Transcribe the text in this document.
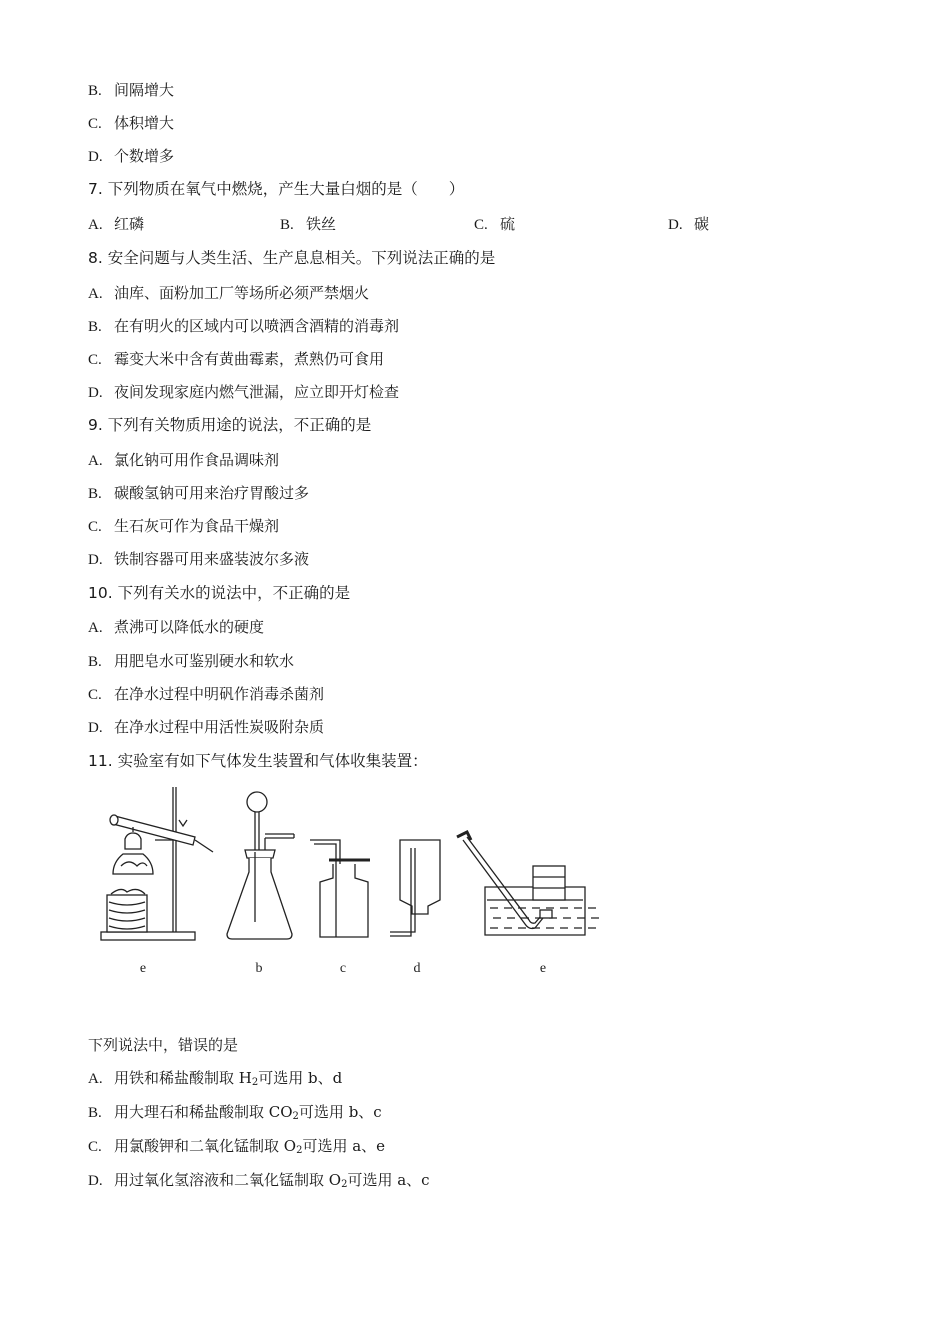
B. 间隔增大
C. 体积增大
D. 个数增多
7. 下列物质在氧气中燃烧，产生大量白烟的是（　　）
A. 红磷	B. 铁丝	C. 硫	D. 碳
8. 安全问题与人类生活、生产息息相关。下列说法正确的是
A. 油库、面粉加工厂等场所必须严禁烟火
B. 在有明火的区域内可以喷洒含酒精的消毒剂
C. 霉变大米中含有黄曲霉素，煮熟仍可食用
D. 夜间发现家庭内燃气泄漏，应立即开灯检查
9. 下列有关物质用途的说法，不正确的是
A. 氯化钠可用作食品调味剂
B. 碳酸氢钠可用来治疗胃酸过多
C. 生石灰可作为食品干燥剂
D. 铁制容器可用来盛装波尔多液
10. 下列有关水的说法中，不正确的是
A. 煮沸可以降低水的硬度
B. 用肥皂水可鉴别硬水和软水
C. 在净水过程中明矾作消毒杀菌剂
D. 在净水过程中用活性炭吸附杂质
11. 实验室有如下气体发生装置和气体收集装置：
e	b	c	d	e
下列说法中，错误的是
A. 用铁和稀盐酸制取 $H_2$可选用 b、d
B. 用大理石和稀盐酸制取 $CO_2$可选用 b、c
C. 用氯酸钾和二氧化锰制取 $O_2$可选用 a、e
D. 用过氧化氢溶液和二氧化锰制取 $O_2$可选用 a、c
